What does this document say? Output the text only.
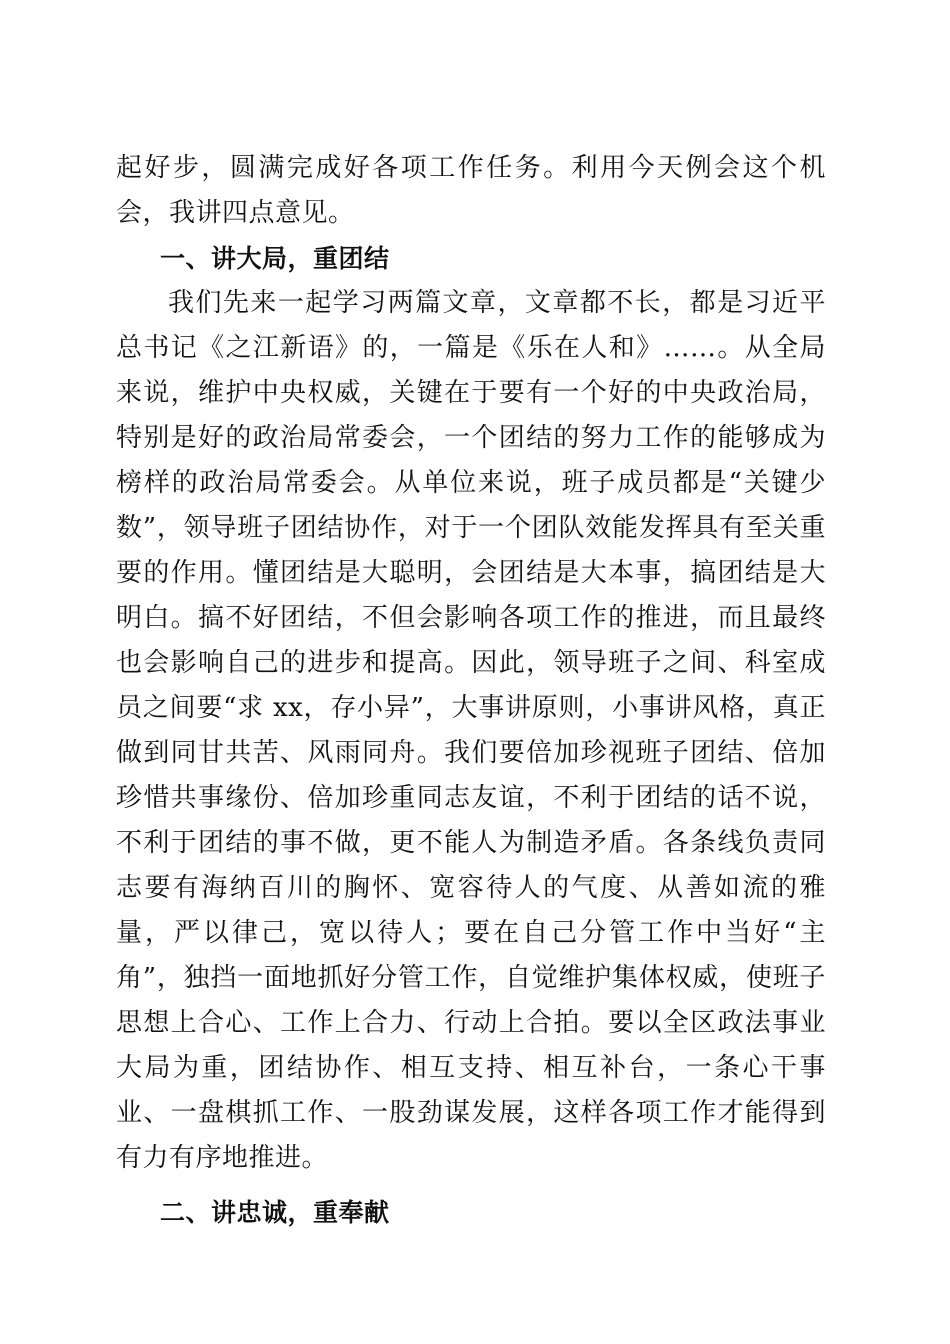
起好步，圆满完成好各项工作任务。利用今天例会这个机会，我讲四点意见。

一、讲大局，重团结

我们先来一起学习两篇文章，文章都不长，都是习近平总书记《之江新语》的，一篇是《乐在人和》……。从全局来说，维护中央权威，关键在于要有一个好的中央政治局，特别是好的政治局常委会，一个团结的努力工作的能够成为榜样的政治局常委会。从单位来说，班子成员都是“关键少数”，领导班子团结协作，对于一个团队效能发挥具有至关重要的作用。懂团结是大聪明，会团结是大本事，搞团结是大明白。搞不好团结，不但会影响各项工作的推进，而且最终也会影响自己的进步和提高。因此，领导班子之间、科室成员之间要“求 xx，存小异”，大事讲原则，小事讲风格，真正做到同甘共苦、风雨同舟。我们要倍加珍视班子团结、倍加珍惜共事缘份、倍加珍重同志友谊，不利于团结的话不说，不利于团结的事不做，更不能人为制造矛盾。各条线负责同志要有海纳百川的胸怀、宽容待人的气度、从善如流的雅量，严以律己，宽以待人；要在自己分管工作中当好“主角”，独挡一面地抓好分管工作，自觉维护集体权威，使班子思想上合心、工作上合力、行动上合拍。要以全区政法事业大局为重，团结协作、相互支持、相互补台，一条心干事业、一盘棋抓工作、一股劲谋发展，这样各项工作才能得到有力有序地推进。

二、讲忠诚，重奉献
